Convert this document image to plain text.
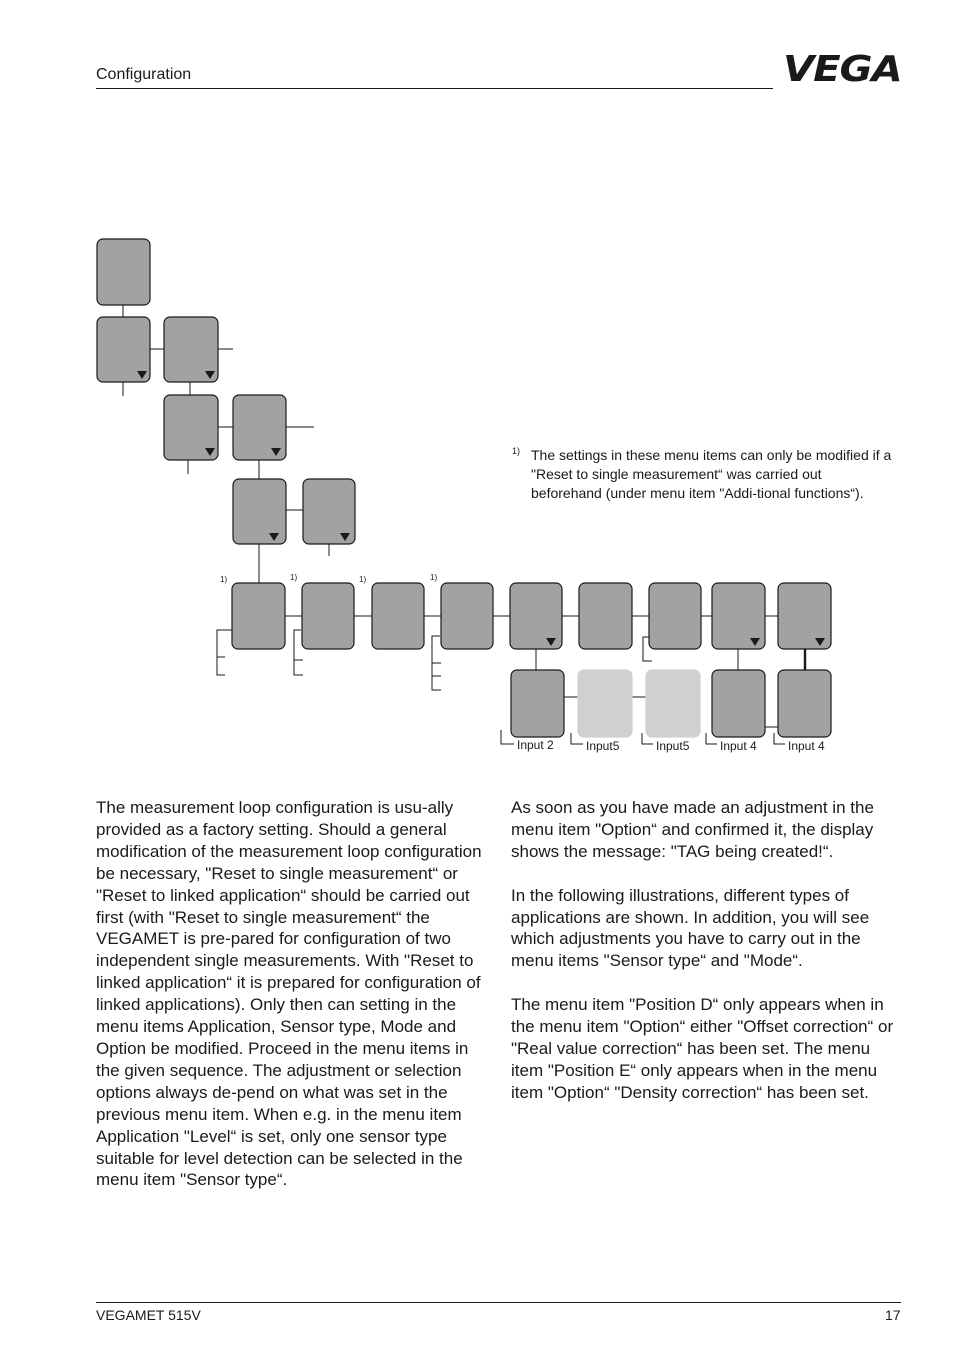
Configuration	VEGA
1)	1)	1)	1)
Input 2	Input5	Input5	Input 4	Input 4
1) The settings in these menu items can only be modified if a "Reset to single measurement“ was carried out beforehand (under menu item "Addi-tional functions“).

The measurement loop configuration is usu-ally provided as a factory setting. Should a general modification of the measurement loop configuration be necessary, "Reset to single measurement“ or "Reset to linked application“ should be carried out first (with "Reset to single measurement“ the VEGAMET is pre-pared for configuration of two independent single measurements. With "Reset to linked application“ it is prepared for configuration of linked applications). Only then can setting in the menu items Application, Sensor type, Mode and Option be modified. Proceed in the menu items in the given sequence. The adjustment or selection options always de-pend on what was set in the previous menu item. When e.g. in the menu item Application "Level“ is set, only one sensor type suitable for level detection can be selected in the menu item "Sensor type“.

As soon as you have made an adjustment in the menu item "Option“ and confirmed it, the display shows the message: "TAG being created!“.

In the following illustrations, different types of applications are shown. In addition, you will see which adjustments you have to carry out in the menu items "Sensor type“ and "Mode“.

The menu item "Position D“ only appears when in the menu item "Option“ either "Offset correction“ or "Real value correction“ has been set. The menu item "Position E“ only appears when in the menu item "Option“ "Density correction“ has been set.

VEGAMET 515V	17
